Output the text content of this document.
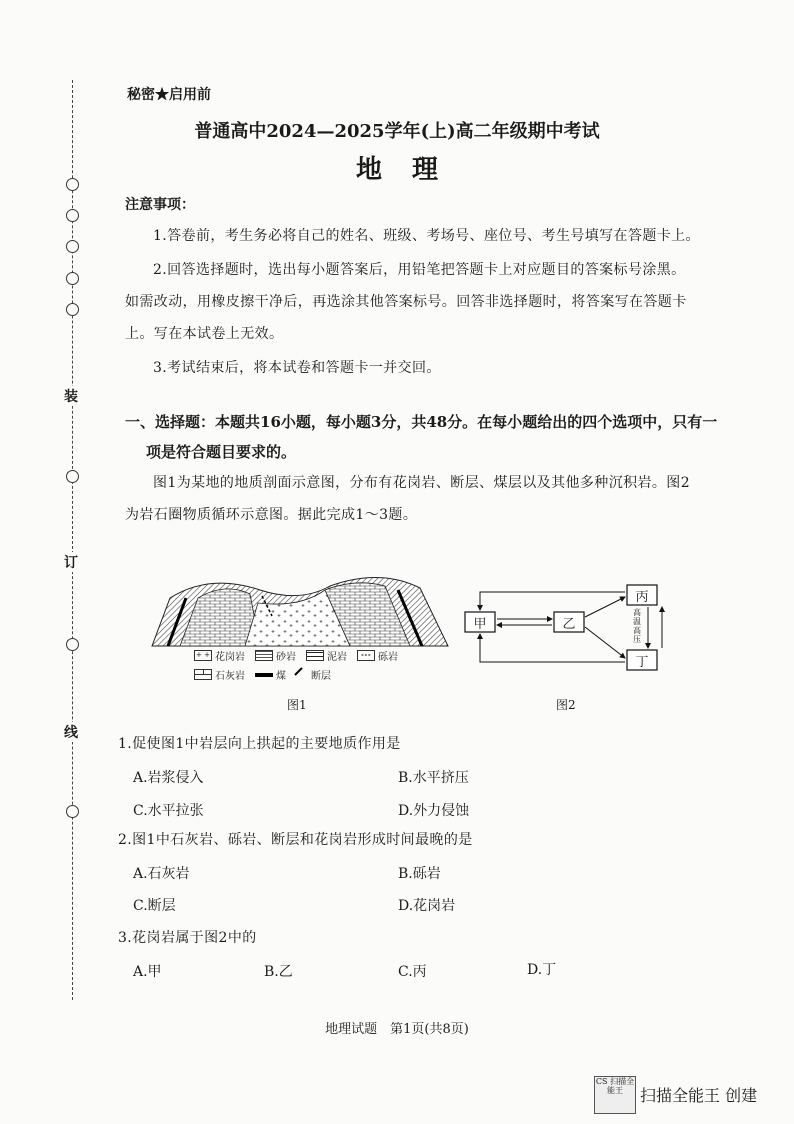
装
订
线
秘密★启用前
普通高中2024—2025学年(上)高二年级期中考试
地理
注意事项：
1.答卷前，考生务必将自己的姓名、班级、考场号、座位号、考生号填写在答题卡上。
2.回答选择题时，选出每小题答案后，用铅笔把答题卡上对应题目的答案标号涂黑。
如需改动，用橡皮擦干净后，再选涂其他答案标号。回答非选择题时，将答案写在答题卡
上。写在本试卷上无效。
3.考试结束后，将本试卷和答题卡一并交回。
一、选择题：本题共16小题，每小题3分，共48分。在每小题给出的四个选项中，只有一
项是符合题目要求的。
图1为某地的地质剖面示意图，分布有花岗岩、断层、煤层以及其他多种沉积岩。图2
为岩石圈物质循环示意图。据此完成1～3题。
+ + 花岗岩	砂岩	泥岩	∘∘∘ 砾岩
石灰岩	煤	断层
图1
甲	乙
丙
丁
高温高压
图2
1.促使图1中岩层向上拱起的主要地质作用是
A.岩浆侵入	B.水平挤压
C.水平拉张	D.外力侵蚀
2.图1中石灰岩、砾岩、断层和花岗岩形成时间最晚的是
A.石灰岩	B.砾岩
C.断层	D.花岗岩
3.花岗岩属于图2中的
A.甲	B.乙	C.丙	D.丁
地理试题　第1页(共8页)
CS 扫描全能王	扫描全能王 创建
